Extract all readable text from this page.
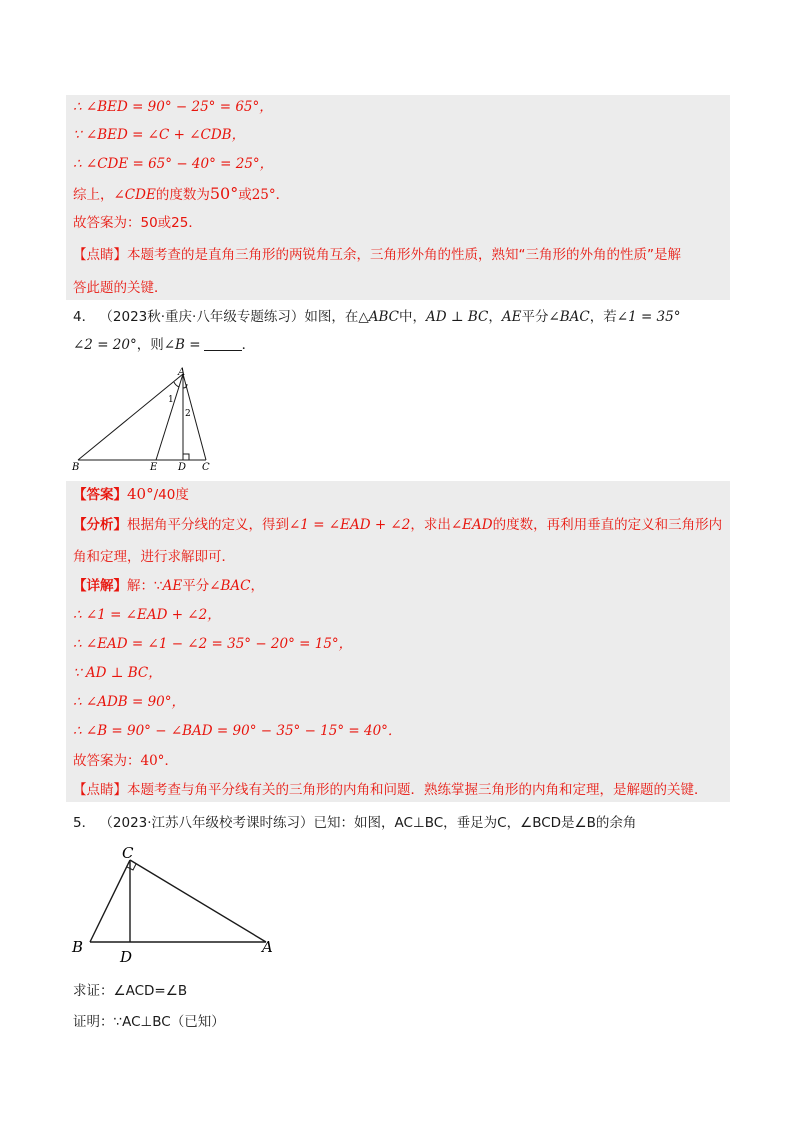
∴ ∠BED = 90° − 25° = 65°，
∵ ∠BED = ∠C + ∠CDB，
∴ ∠CDE = 65° − 40° = 25°，
综上，∠CDE的度数为50°或25°．
故答案为：50或25．
【点睛】本题考查的是直角三角形的两锐角互余，三角形外角的性质，熟知“三角形的外角的性质”是解
答此题的关键．
4． （2023秋·重庆·八年级专题练习）如图，在△ABC中，AD ⊥ BC，AE平分∠BAC，若∠1 = 35°
∠2 = 20°，则∠B =	．
A
B	E D C
1
2
【答案】40°/40度
【分析】根据角平分线的定义，得到∠1 = ∠EAD + ∠2，求出∠EAD的度数，再利用垂直的定义和三角形内
角和定理，进行求解即可．
【详解】解：∵AE平分∠BAC，
∴ ∠1 = ∠EAD + ∠2，
∴ ∠EAD = ∠1 − ∠2 = 35° − 20° = 15°，
∵ AD ⊥ BC，
∴ ∠ADB = 90°，
∴ ∠B = 90° − ∠BAD = 90° − 35° − 15° = 40°．
故答案为：40°．
【点睛】本题考查与角平分线有关的三角形的内角和问题．熟练掌握三角形的内角和定理，是解题的关键．
5． （2023·江苏八年级校考课时练习）已知：如图，AC⊥BC，垂足为C，∠BCD是∠B的余角
C
B
D
A
求证：∠ACD=∠B
证明：∵AC⊥BC（已知）
